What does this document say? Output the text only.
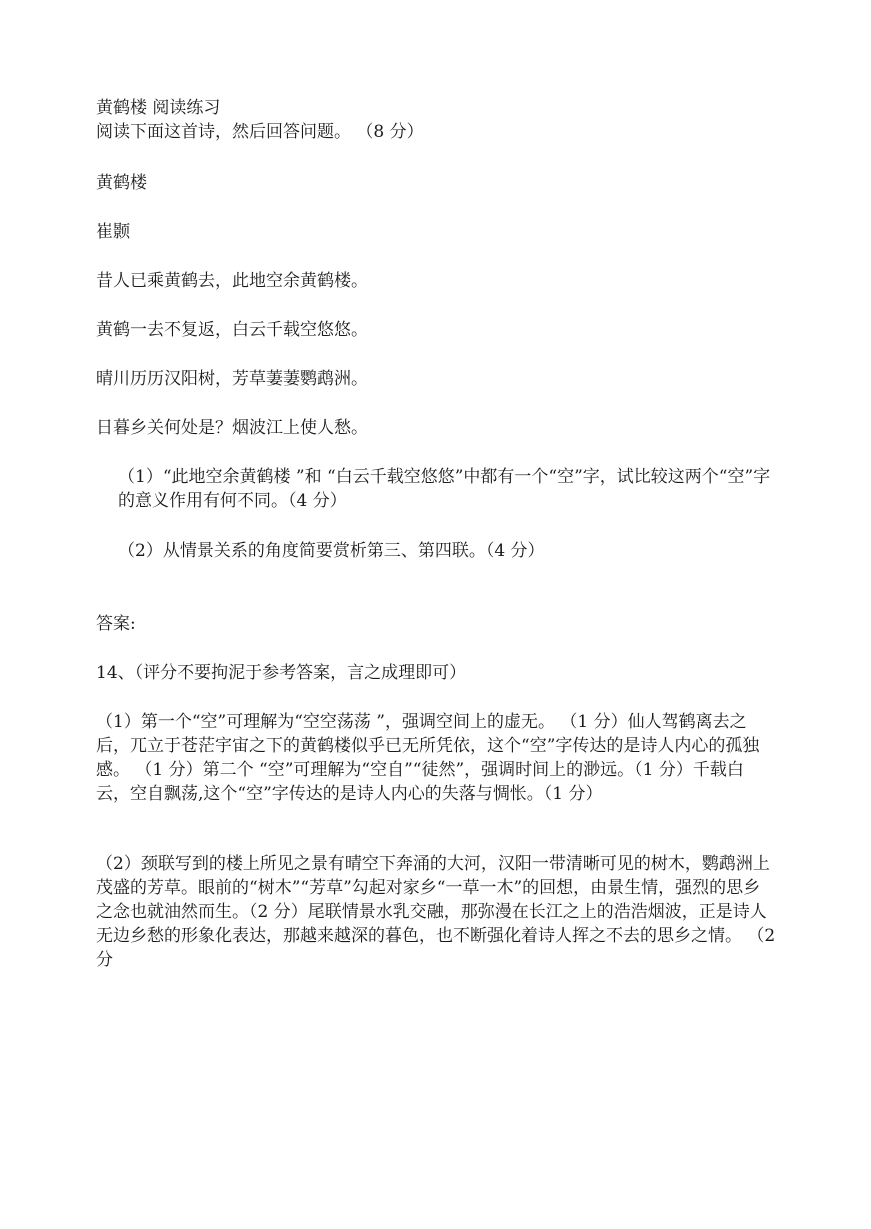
黄鹤楼 阅读练习
阅读下面这首诗，然后回答问题。 （8 分）
黄鹤楼
崔颢
昔人已乘黄鹤去，此地空余黄鹤楼。
黄鹤一去不复返，白云千载空悠悠。
晴川历历汉阳树，芳草萋萋鹦鹉洲。
日暮乡关何处是？烟波江上使人愁。
（1）“此地空余黄鹤楼 ”和 “白云千载空悠悠”中都有一个“空”字，试比较这两个“空”字的意义作用有何不同。（4 分）
（2）从情景关系的角度简要赏析第三、第四联。（4 分）
答案:
14、（评分不要拘泥于参考答案，言之成理即可）
（1）第一个“空”可理解为“空空荡荡 ”，强调空间上的虚无。 （1 分）仙人驾鹤离去之后，兀立于苍茫宇宙之下的黄鹤楼似乎已无所凭依，这个“空”字传达的是诗人内心的孤独感。 （1 分）第二个 “空”可理解为“空自”“徒然”，强调时间上的渺远。（1 分）千载白云，空自飘荡,这个“空”字传达的是诗人内心的失落与惆怅。（1 分）
（2）颈联写到的楼上所见之景有晴空下奔涌的大河，汉阳一带清晰可见的树木，鹦鹉洲上茂盛的芳草。眼前的“树木”“芳草”勾起对家乡“一草一木”的回想，由景生情，强烈的思乡之念也就油然而生。（2 分）尾联情景水乳交融，那弥漫在长江之上的浩浩烟波，正是诗人无边乡愁的形象化表达，那越来越深的暮色，也不断强化着诗人挥之不去的思乡之情。 （2 分
